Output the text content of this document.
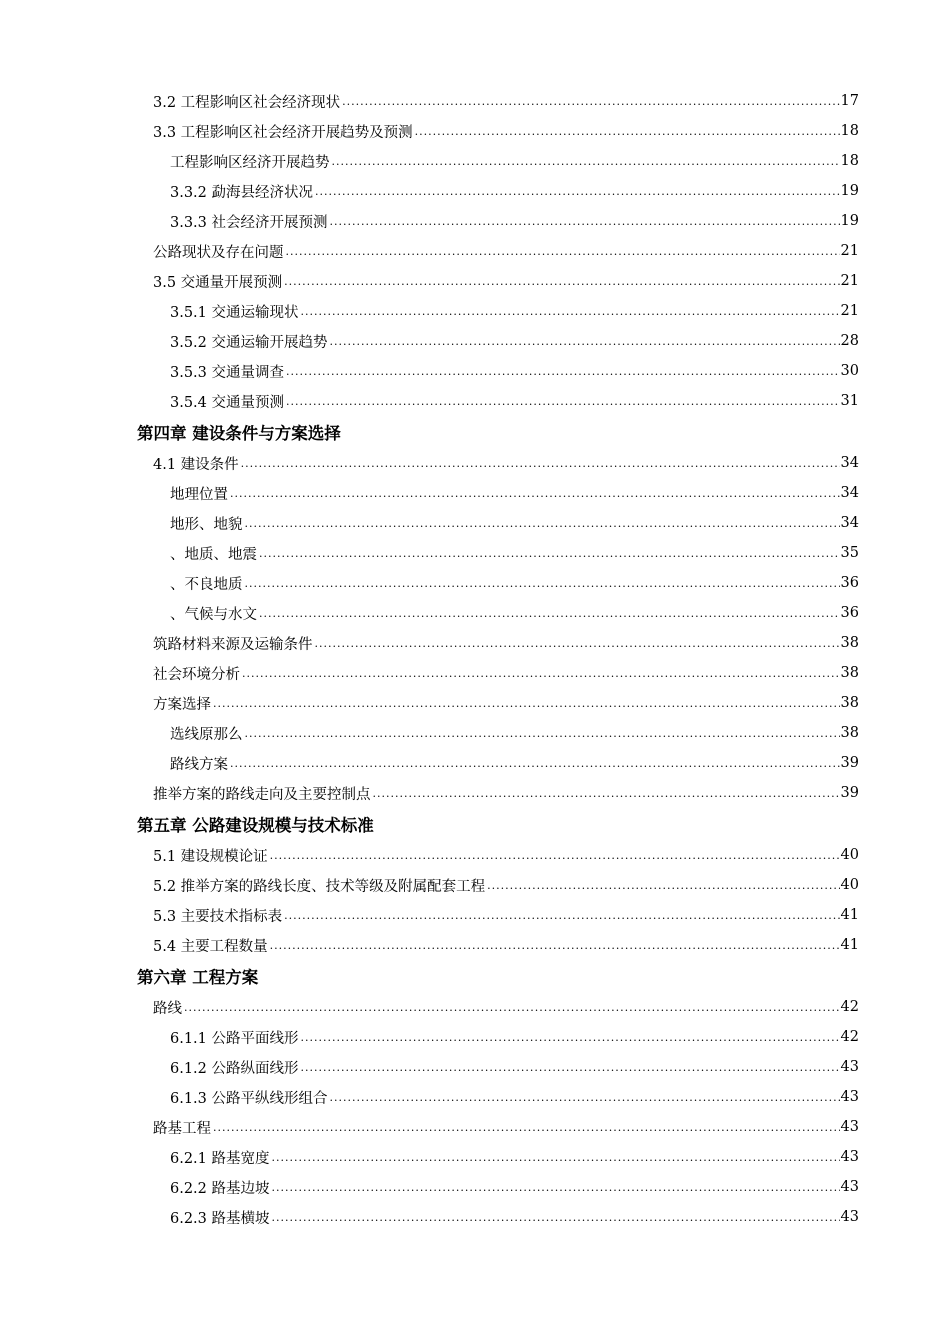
3.2 工程影响区社会经济现状 .....	17
3.3 工程影响区社会经济开展趋势及预测 .....	18
工程影响区经济开展趋势 .....	18
3.3.2 勐海县经济状况 .....	19
3.3.3 社会经济开展预测 .....	19
公路现状及存在问题 .....	21
3.5 交通量开展预测 .....	21
3.5.1 交通运输现状 .....	21
3.5.2 交通运输开展趋势 .....	28
3.5.3 交通量调查 .....	30
3.5.4 交通量预测 .....	31
第四章 建设条件与方案选择
4.1 建设条件 .....	34
地理位置 .....	34
地形、地貌 .....	34
、地质、地震 .....	35
、不良地质 .....	36
、气候与水文 .....	36
筑路材料来源及运输条件 .....	38
社会环境分析 .....	38
方案选择 .....	38
选线原那么 .....	38
路线方案 .....	39
推举方案的路线走向及主要控制点 .....	39
第五章 公路建设规模与技术标准
5.1 建设规模论证 .....	40
5.2 推举方案的路线长度、技术等级及附属配套工程 .....	40
5.3 主要技术指标表 .....	41
5.4 主要工程数量 .....	41
第六章 工程方案
路线 .....	42
6.1.1 公路平面线形 .....	42
6.1.2 公路纵面线形 .....	43
6.1.3 公路平纵线形组合 .....	43
路基工程 .....	43
6.2.1 路基宽度 .....	43
6.2.2 路基边坡 .....	43
6.2.3 路基横坡 .....	43
